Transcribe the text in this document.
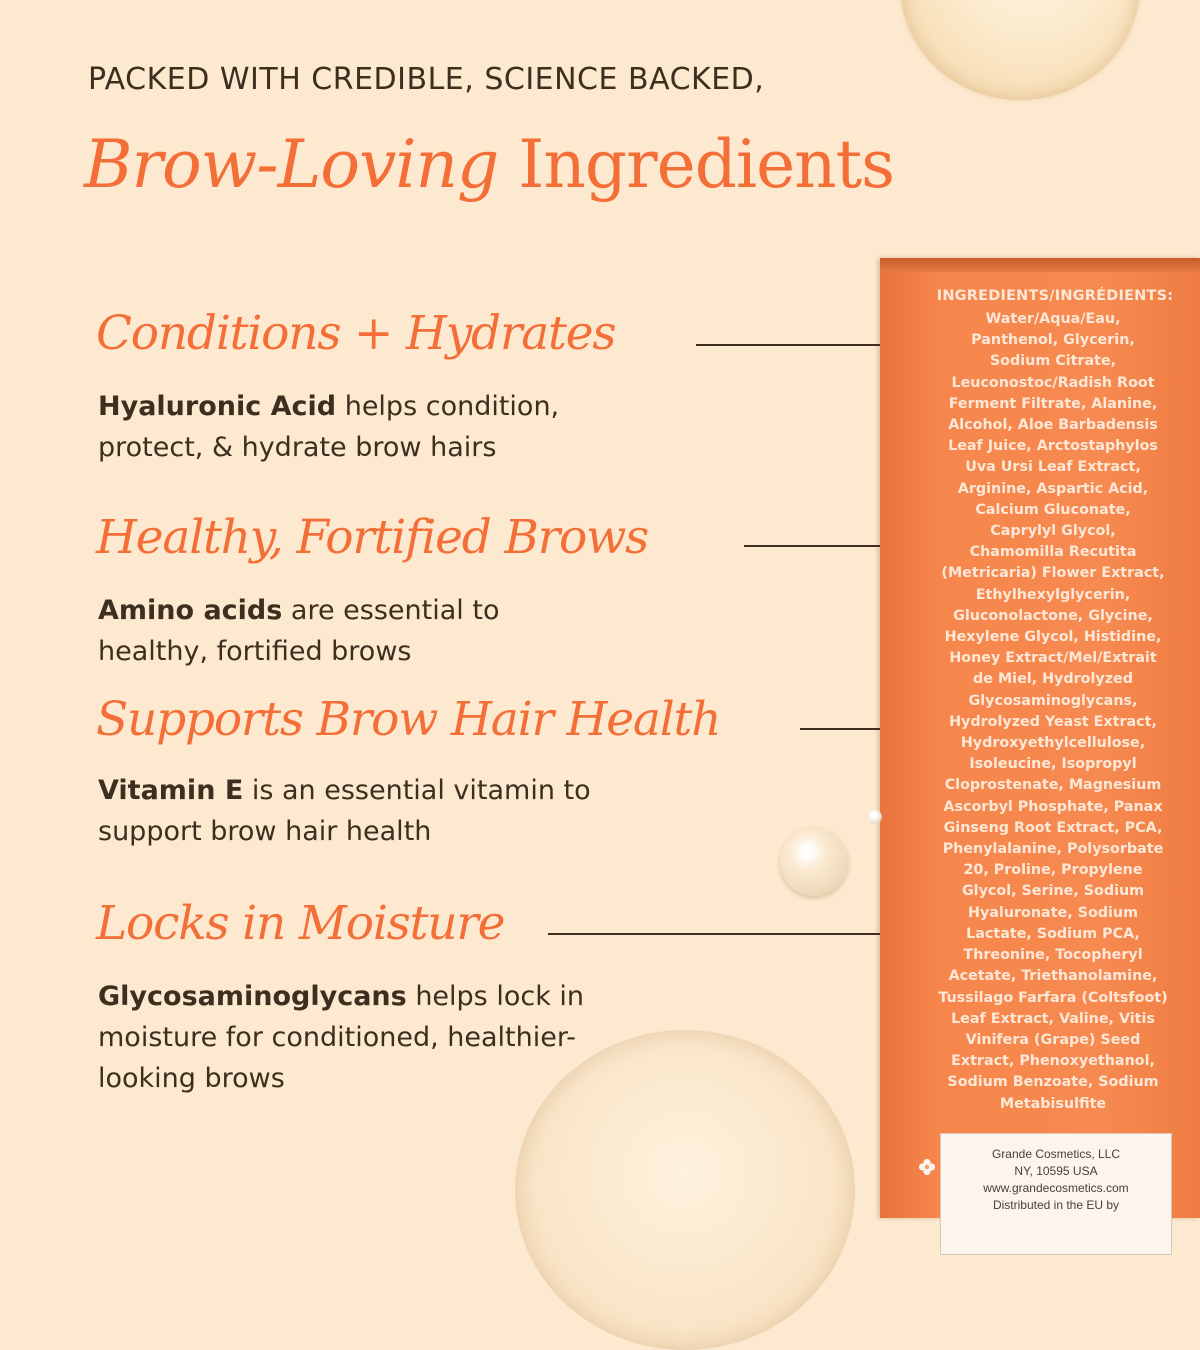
PACKED WITH CREDIBLE, SCIENCE BACKED,

Brow-Loving Ingredients
Conditions + Hydrates

Hyaluronic Acid helps condition, protect, & hydrate brow hairs

Healthy, Fortified Brows

Amino acids are essential to healthy, fortified brows

Supports Brow Hair Health

Vitamin E is an essential vitamin to support brow hair health

Locks in Moisture

Glycosaminoglycans helps lock in moisture for conditioned, healthier-looking brows

INGREDIENTS/INGRÉDIENTS:

Water/Aqua/Eau,
Panthenol, Glycerin,
Sodium Citrate,
Leuconostoc/Radish Root
Ferment Filtrate, Alanine,
Alcohol, Aloe Barbadensis
Leaf Juice, Arctostaphylos
Uva Ursi Leaf Extract,
Arginine, Aspartic Acid,
Calcium Gluconate,
Caprylyl Glycol,
Chamomilla Recutita
(Metricaria) Flower Extract,
Ethylhexylglycerin,
Gluconolactone, Glycine,
Hexylene Glycol, Histidine,
Honey Extract/Mel/Extrait
de Miel, Hydrolyzed
Glycosaminoglycans,
Hydrolyzed Yeast Extract,
Hydroxyethylcellulose,
Isoleucine, Isopropyl
Cloprostenate, Magnesium
Ascorbyl Phosphate, Panax
Ginseng Root Extract, PCA,
Phenylalanine, Polysorbate
20, Proline, Propylene
Glycol, Serine, Sodium
Hyaluronate, Sodium
Lactate, Sodium PCA,
Threonine, Tocopheryl
Acetate, Triethanolamine,
Tussilago Farfara (Coltsfoot)
Leaf Extract, Valine, Vitis
Vinifera (Grape) Seed
Extract, Phenoxyethanol,
Sodium Benzoate, Sodium
Metabisulfite

Grande Cosmetics, LLC
NY, 10595 USA
www.grandecosmetics.com
Distributed in the EU by
